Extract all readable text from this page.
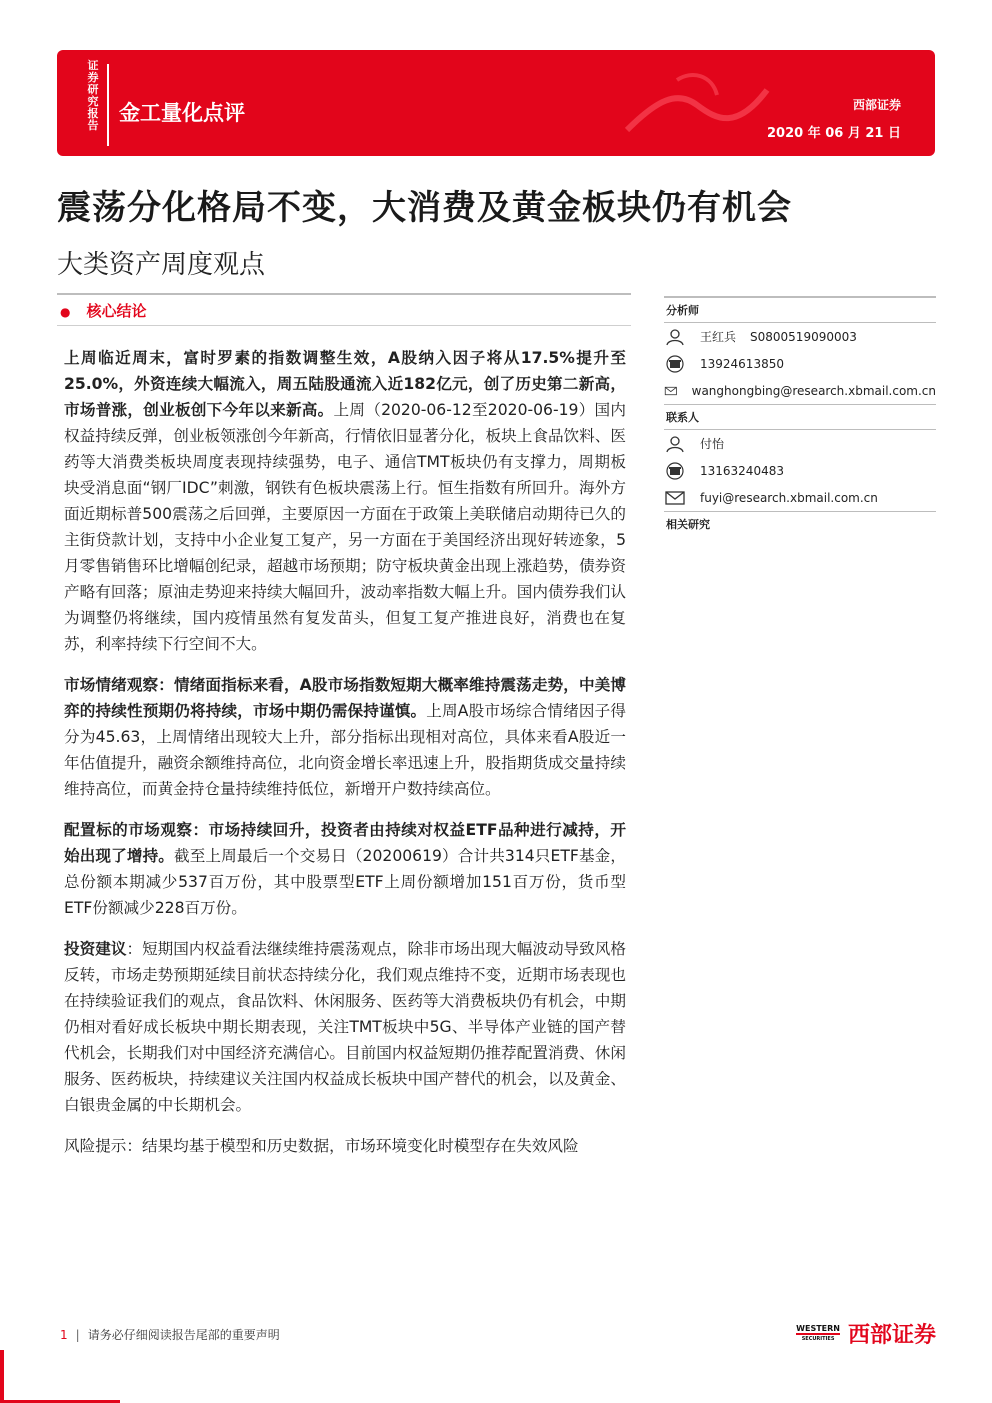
证券研究报告
金工量化点评	西部证券
2020 年 06 月 21 日
震荡分化格局不变，大消费及黄金板块仍有机会
大类资产周度观点
● 核心结论

上周临近周末，富时罗素的指数调整生效，A股纳入因子将从17.5%提升至25.0%，外资连续大幅流入，周五陆股通流入近182亿元，创了历史第二新高，市场普涨，创业板创下今年以来新高。上周（2020-06-12至2020-06-19）国内权益持续反弹，创业板领涨创今年新高，行情依旧显著分化，板块上食品饮料、医药等大消费类板块周度表现持续强势，电子、通信TMT板块仍有支撑力，周期板块受消息面“钢厂IDC”刺激，钢铁有色板块震荡上行。恒生指数有所回升。海外方面近期标普500震荡之后回弹，主要原因一方面在于政策上美联储启动期待已久的主街贷款计划，支持中小企业复工复产，另一方面在于美国经济出现好转迹象，5月零售销售环比增幅创纪录，超越市场预期；防守板块黄金出现上涨趋势，债券资产略有回落；原油走势迎来持续大幅回升，波动率指数大幅上升。国内债券我们认为调整仍将继续，国内疫情虽然有复发苗头，但复工复产推进良好，消费也在复苏，利率持续下行空间不大。

市场情绪观察：情绪面指标来看，A股市场指数短期大概率维持震荡走势，中美博弈的持续性预期仍将持续，市场中期仍需保持谨慎。上周A股市场综合情绪因子得分为45.63，上周情绪出现较大上升，部分指标出现相对高位，具体来看A股近一年估值提升，融资余额维持高位，北向资金增长率迅速上升，股指期货成交量持续维持高位，而黄金持仓量持续维持低位，新增开户数持续高位。

配置标的市场观察：市场持续回升，投资者由持续对权益ETF品种进行减持，开始出现了增持。截至上周最后一个交易日（20200619）合计共314只ETF基金，总份额本期减少537百万份，其中股票型ETF上周份额增加151百万份，货币型ETF份额减少228百万份。

投资建议：短期国内权益看法继续维持震荡观点，除非市场出现大幅波动导致风格反转，市场走势预期延续目前状态持续分化，我们观点维持不变，近期市场表现也在持续验证我们的观点，食品饮料、休闲服务、医药等大消费板块仍有机会，中期仍相对看好成长板块中期长期表现，关注TMT板块中5G、半导体产业链的国产替代机会，长期我们对中国经济充满信心。目前国内权益短期仍推荐配置消费、休闲服务、医药板块，持续建议关注国内权益成长板块中国产替代的机会，以及黄金、白银贵金属的中长期机会。

风险提示：结果均基于模型和历史数据，市场环境变化时模型存在失效风险

分析师
王红兵 S0800519090003
13924613850
wanghongbing@research.xbmail.com.cn
联系人
付怡
13163240483
fuyi@research.xbmail.com.cn
相关研究
1 | 请务必仔细阅读报告尾部的重要声明	WESTERN
SECURITIES 西部证券
